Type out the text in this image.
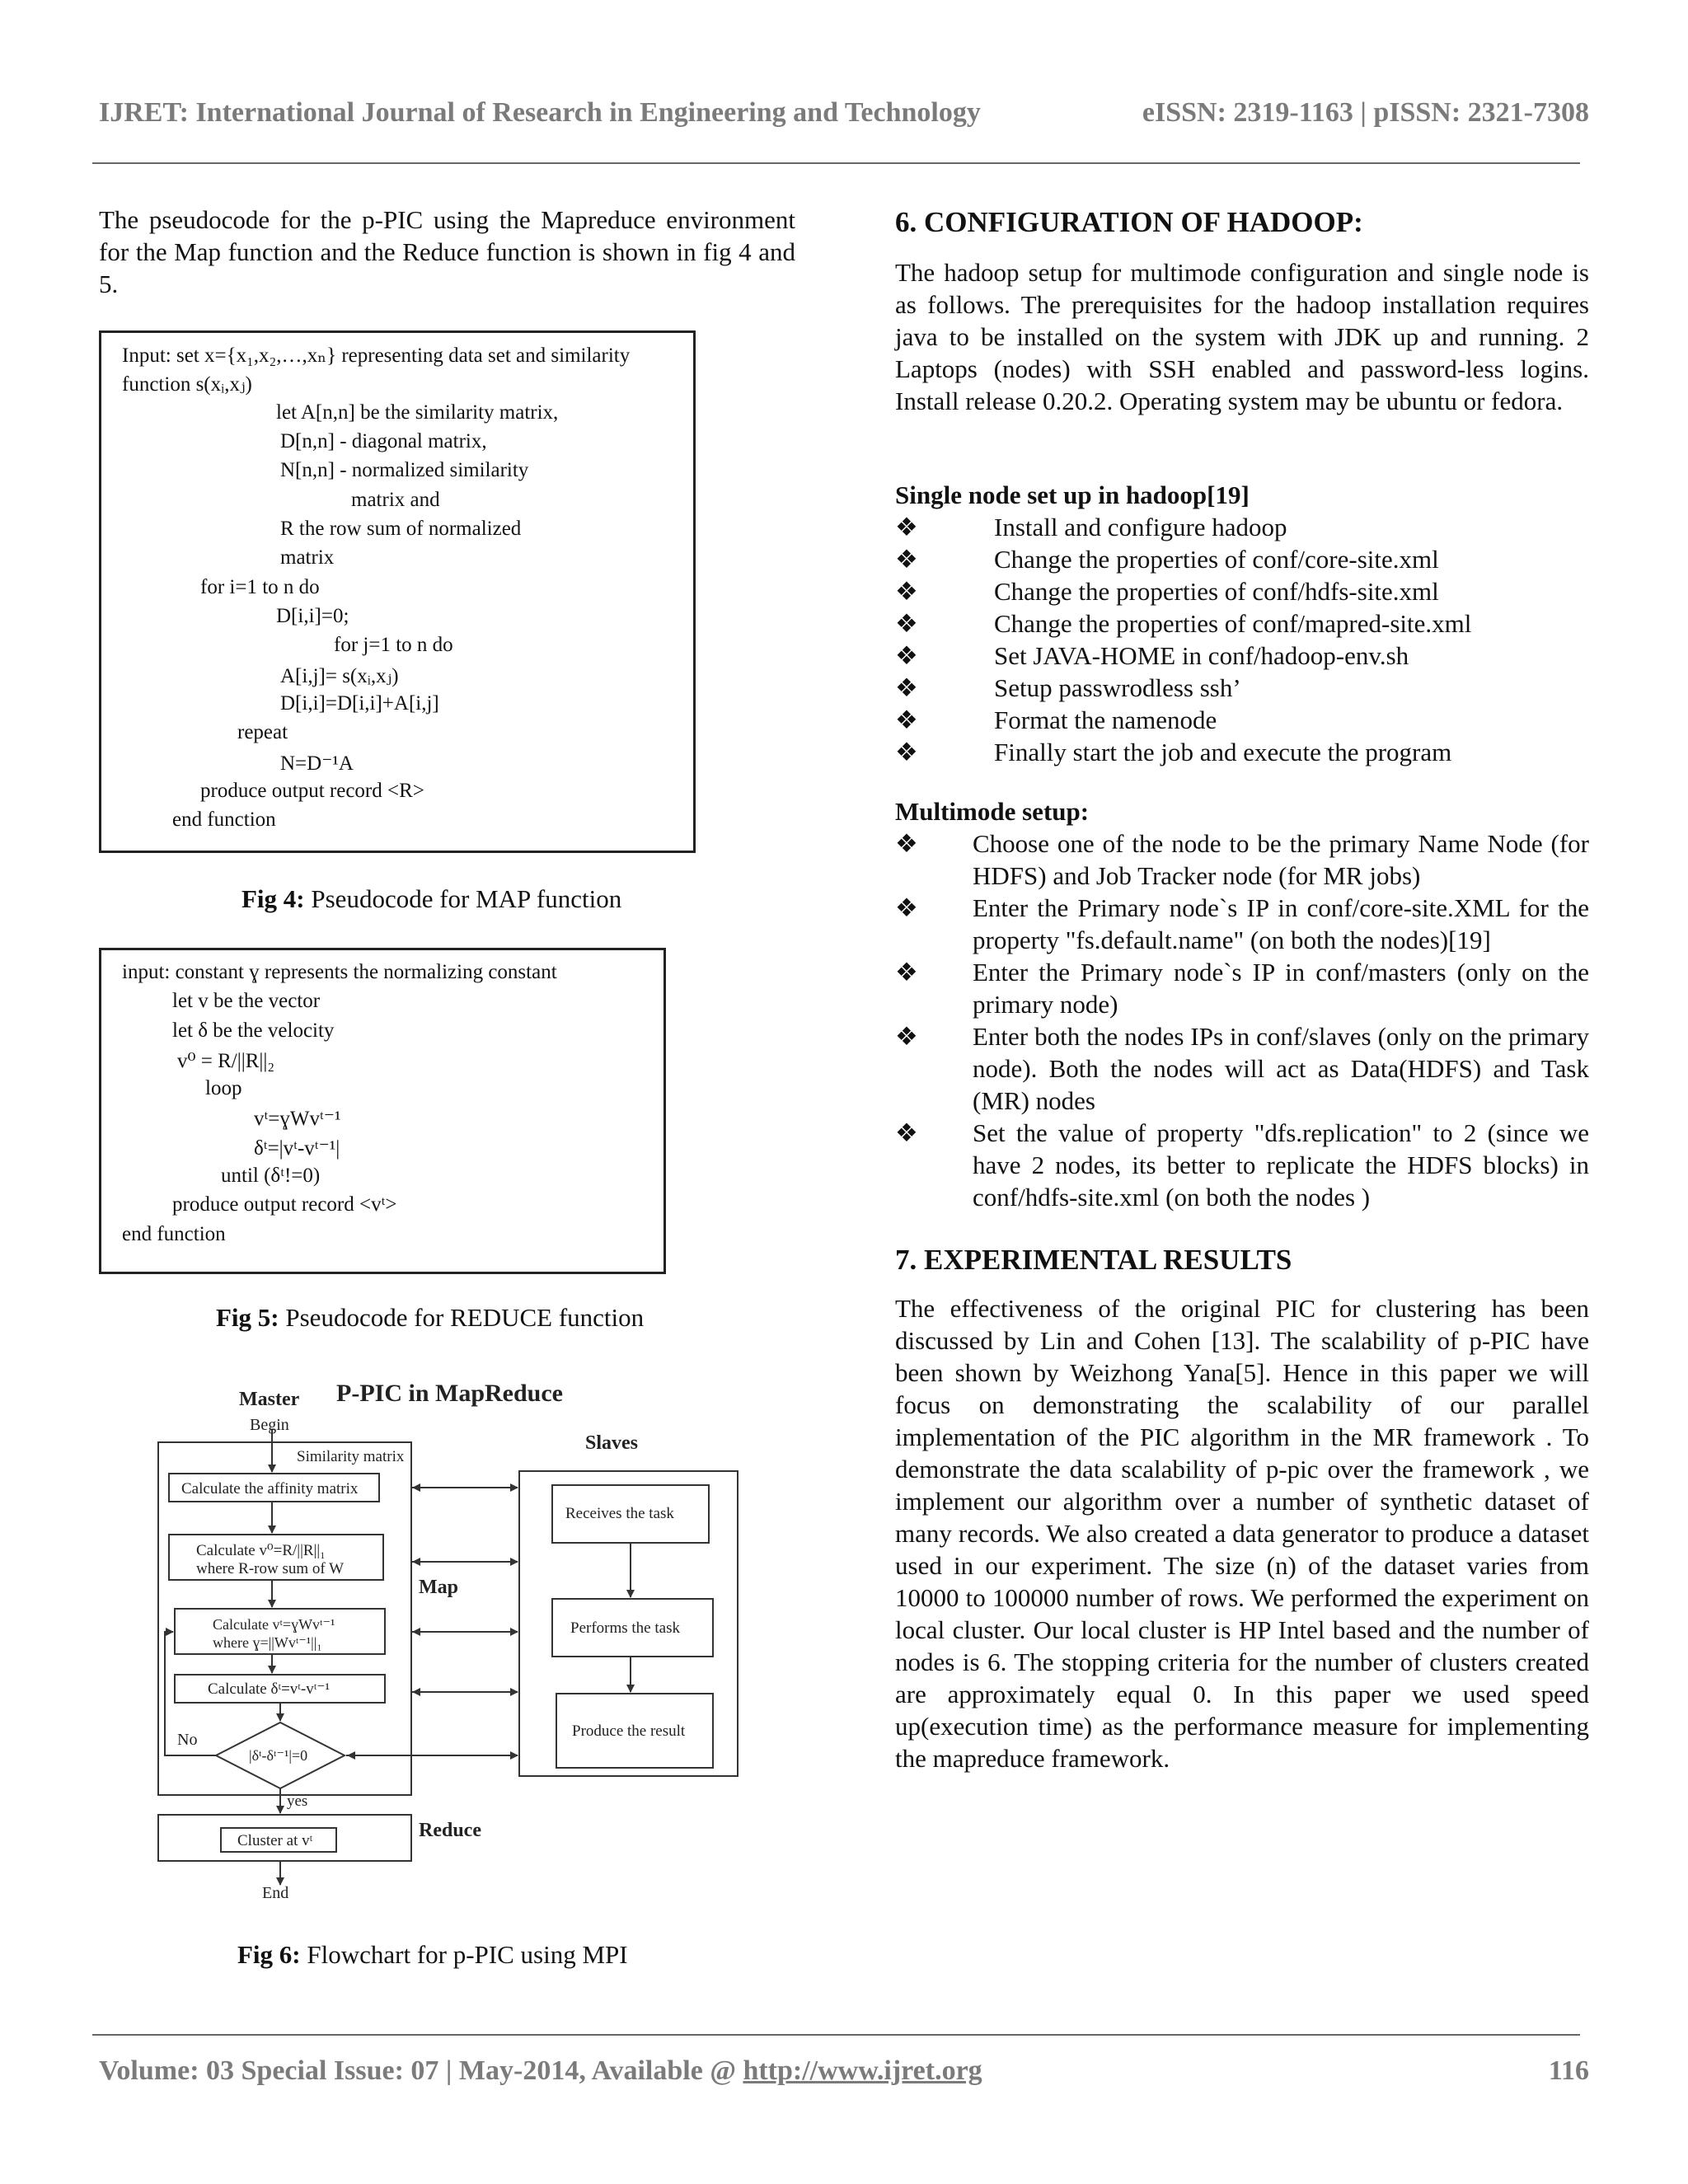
IJRET: International Journal of Research in Engineering and Technology	eISSN: 2319-1163 | pISSN: 2321-7308
The pseudocode for the p-PIC using the Mapreduce environment for the Map function and the Reduce function is shown in fig 4 and 5.
Input: set x={x₁,x₂,…,xₙ} representing data set and similarity
function s(xᵢ,xⱼ)
let A[n,n] be the similarity matrix,
D[n,n] - diagonal matrix,
N[n,n] - normalized similarity
matrix and
R the row sum of normalized
matrix
for i=1 to n do
D[i,i]=0;
for j=1 to n do
A[i,j]= s(xᵢ,xⱼ)
D[i,i]=D[i,i]+A[i,j]
repeat
N=D⁻¹A
produce output record <R>
end function
Fig 4: Pseudocode for MAP function
input: constant ɣ represents the normalizing constant
let v be the vector
let δ be the velocity
v⁰ = R/||R||₂
loop
vᵗ=ɣWvᵗ⁻¹
δᵗ=|vᵗ-vᵗ⁻¹|
until (δᵗ!=0)
produce output record <vᵗ>
end function
Fig 5: Pseudocode for REDUCE function
P-PIC in MapReduce
Master
Begin
Similarity matrix
Calculate the affinity matrix
Calculate v⁰=R/||R||₁
where R-row sum of W
Calculate vᵗ=ɣWvᵗ⁻¹
where ɣ=||Wvᵗ⁻¹||₁
Calculate δᵗ=vᵗ-vᵗ⁻¹
|δᵗ-δᵗ⁻¹|=0
No
yes
Map
Reduce
Cluster at vᵗ
End
Slaves
Receives the task
Performs the task
Produce the result
Fig 6: Flowchart for p-PIC using MPI
6. CONFIGURATION OF HADOOP:
The hadoop setup for multimode configuration and single node is as follows. The prerequisites for the hadoop installation requires java to be installed on the system with JDK up and running. 2 Laptops (nodes) with SSH enabled and password-less logins. Install release 0.20.2. Operating system may be ubuntu or fedora.
Single node set up in hadoop[19]
❖	Install and configure hadoop
❖	Change the properties of conf/core-site.xml
❖	Change the properties of conf/hdfs-site.xml
❖	Change the properties of conf/mapred-site.xml
❖	Set JAVA-HOME in conf/hadoop-env.sh
❖	Setup passwrodless ssh’
❖	Format the namenode
❖	Finally start the job and execute the program
Multimode setup:
❖ Choose one of the node to be the primary Name Node (for HDFS) and Job Tracker node (for MR jobs)
❖ Enter the Primary node`s IP in conf/core-site.XML for the property "fs.default.name" (on both the nodes)[19]
❖ Enter the Primary node`s IP in conf/masters (only on the primary node)
❖ Enter both the nodes IPs in conf/slaves (only on the primary node). Both the nodes will act as Data(HDFS) and Task (MR) nodes
❖ Set the value of property "dfs.replication" to 2 (since we have 2 nodes, its better to replicate the HDFS blocks) in conf/hdfs-site.xml (on both the nodes )
7. EXPERIMENTAL RESULTS
The effectiveness of the original PIC for clustering has been discussed by Lin and Cohen [13]. The scalability of p-PIC have been shown by Weizhong Yana[5]. Hence in this paper we will focus on demonstrating the scalability of our parallel implementation of the PIC algorithm in the MR framework . To demonstrate the data scalability of p-pic over the framework , we implement our algorithm over a number of synthetic dataset of many records. We also created a data generator to produce a dataset used in our experiment. The size (n) of the dataset varies from 10000 to 100000 number of rows. We performed the experiment on local cluster. Our local cluster is HP Intel based and the number of nodes is 6. The stopping criteria for the number of clusters created are approximately equal 0. In this paper we used speed up(execution time) as the performance measure for implementing the mapreduce framework.
Volume: 03 Special Issue: 07 | May-2014, Available @ http://www.ijret.org	116
